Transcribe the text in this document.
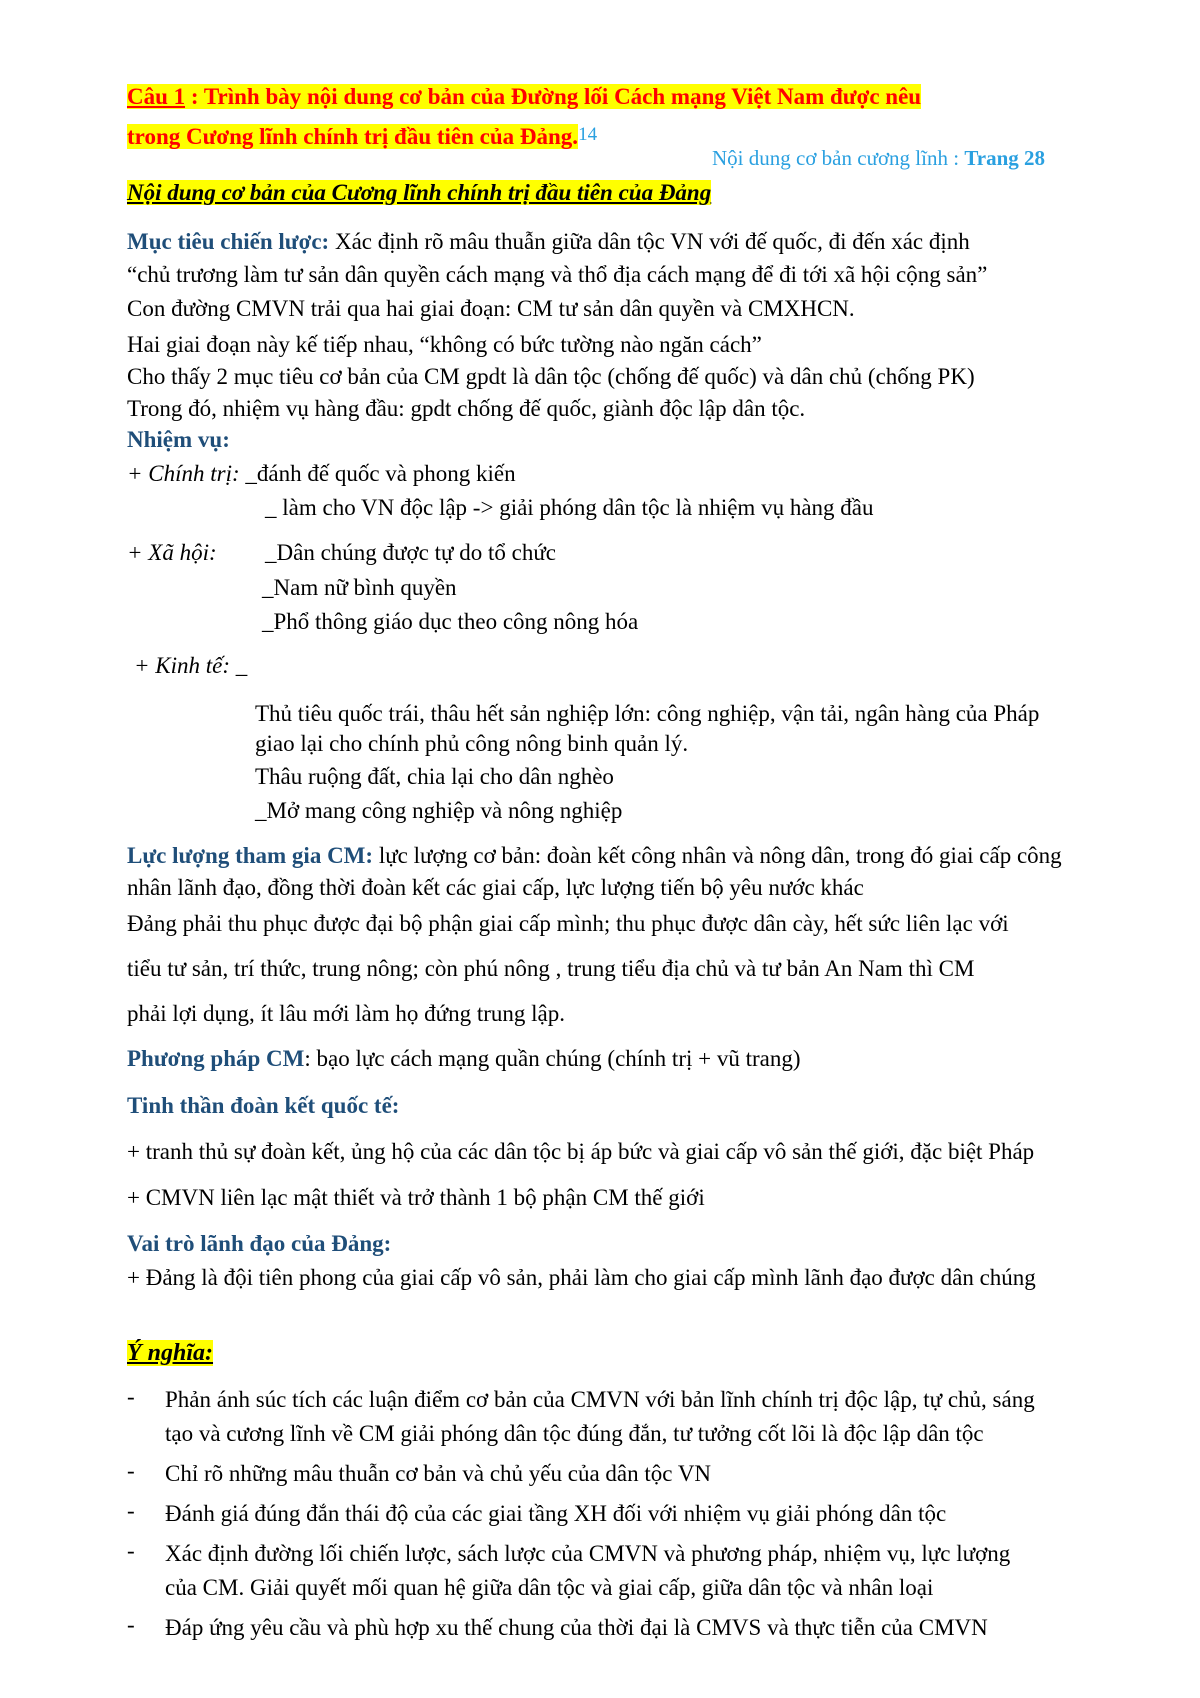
Câu 1 : Trình bày nội dung cơ bản của Đường lối Cách mạng Việt Nam được nêu
trong Cương lĩnh chính trị đầu tiên của Đảng.14
Nội dung cơ bản cương lĩnh : Trang 28
Nội dung cơ bản của Cương lĩnh chính trị đầu tiên của Đảng
Mục tiêu chiến lược: Xác định rõ mâu thuẫn giữa dân tộc VN với đế quốc, đi đến xác định
“chủ trương làm tư sản dân quyền cách mạng và thổ địa cách mạng để đi tới xã hội cộng sản”
Con đường CMVN trải qua hai giai đoạn: CM tư sản dân quyền và CMXHCN.
Hai giai đoạn này kế tiếp nhau, “không có bức tường nào ngăn cách”
Cho thấy 2 mục tiêu cơ bản của CM gpdt là dân tộc (chống đế quốc) và dân chủ (chống PK)
Trong đó, nhiệm vụ hàng đầu: gpdt chống đế quốc, giành độc lập dân tộc.
Nhiệm vụ:
+ Chính trị: _đánh đế quốc và phong kiến
_ làm cho VN độc lập -> giải phóng dân tộc là nhiệm vụ hàng đầu
+ Xã hội: _Dân chúng được tự do tổ chức
_Nam nữ bình quyền
_Phổ thông giáo dục theo công nông hóa
+ Kinh tế: _
Thủ tiêu quốc trái, thâu hết sản nghiệp lớn: công nghiệp, vận tải, ngân hàng của Pháp
giao lại cho chính phủ công nông binh quản lý.
Thâu ruộng đất, chia lại cho dân nghèo
_Mở mang công nghiệp và nông nghiệp
Lực lượng tham gia CM: lực lượng cơ bản: đoàn kết công nhân và nông dân, trong đó giai cấp công
nhân lãnh đạo, đồng thời đoàn kết các giai cấp, lực lượng tiến bộ yêu nước khác
Đảng phải thu phục được đại bộ phận giai cấp mình; thu phục được dân cày, hết sức liên lạc với
tiểu tư sản, trí thức, trung nông; còn phú nông , trung tiểu địa chủ và tư bản An Nam thì CM
phải lợi dụng, ít lâu mới làm họ đứng trung lập.
Phương pháp CM: bạo lực cách mạng quần chúng (chính trị + vũ trang)
Tinh thần đoàn kết quốc tế:
+ tranh thủ sự đoàn kết, ủng hộ của các dân tộc bị áp bức và giai cấp vô sản thế giới, đặc biệt Pháp
+ CMVN liên lạc mật thiết và trở thành 1 bộ phận CM thế giới
Vai trò lãnh đạo của Đảng:
+ Đảng là đội tiên phong của giai cấp vô sản, phải làm cho giai cấp mình lãnh đạo được dân chúng
Ý nghĩa:
- Phản ánh súc tích các luận điểm cơ bản của CMVN với bản lĩnh chính trị độc lập, tự chủ, sáng
tạo và cương lĩnh về CM giải phóng dân tộc đúng đắn, tư tưởng cốt lõi là độc lập dân tộc
- Chỉ rõ những mâu thuẫn cơ bản và chủ yếu của dân tộc VN
- Đánh giá đúng đắn thái độ của các giai tầng XH đối với nhiệm vụ giải phóng dân tộc
- Xác định đường lối chiến lược, sách lược của CMVN và phương pháp, nhiệm vụ, lực lượng
của CM. Giải quyết mối quan hệ giữa dân tộc và giai cấp, giữa dân tộc và nhân loại
- Đáp ứng yêu cầu và phù hợp xu thế chung của thời đại là CMVS và thực tiễn của CMVN
